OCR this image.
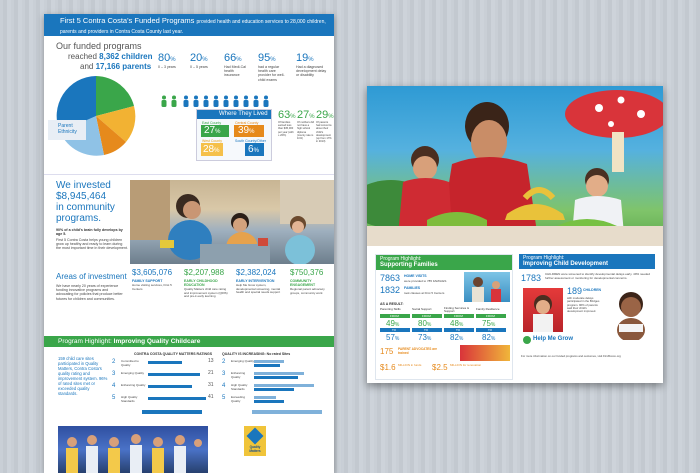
First 5 Contra Costa's Funded Programs provided health and education services to 28,000 children, parents and providers in Contra Costa County last year.
Our funded programs
reached 8,362 children
and 17,166 parents
Parent Ethnicity
80%
0 – 3 years
20%
0 – 5 years
66%
Had Medi-Cal health insurance
95%
had a regular health care provider for well-child exams
19%
Had a diagnosed development delay or disability
Where They Lived
East County
27%
Central County
39%
West County
28%
South County/Other
6%
63%
Of families earned less than $35,000 per year (with ≥ 20%)
27%
Of mothers did not have a high school diploma (county rate is 11%)
29%
Of parents had concerns about their child's development (up from 17% in 2013)
We invested
$8,945,464
in community programs.
90% of a child's brain fully develops by age 5.
First 5 Contra Costa helps young children grow up healthy and ready to learn during the most important time in their development.
Areas of investment
We have nearly 20 years of experience funding innovative programs and advocating for policies that produce better futures for children and communities.
$3,605,076
FAMILY SUPPORT
Home visiting services, First 5 Centers
$2,207,988
EARLY CHILDHOOD EDUCATION
Quality Matters child care rating and improvement system (QRIS) and pre-k early learning
$2,382,024
EARLY INTERVENTION
Help Me Grow system, developmental screening, mental health and special needs support
$750,376
COMMUNITY ENGAGEMENT
Regional parent advocacy groups, community work
Program Highlight: Improving Quality Childcare
159 child care sites participated in Quality Matters, Contra Costa's quality rating and improvement system. 96% of rated sites met or exceeded quality standards.
CONTRA COSTA QUALITY MATTERS RATINGS
2 Committed to Quality
3 Emerging Quality
4 Enhancing Quality
5 High Quality Standards
13
21
31
41
QUALITY IS INCREASING: No rated Sites
2 Emerging Quality
3 Enhancing Quality
4 High Quality Standards
5 Exceeding Quality
Quality Matters
Program Highlight:
Supporting Families
7863 HOME VISITS
were provided to 785 FAMILIES
1832 FAMILIES
took classes at First 5 Centers
AS A RESULT:
Parenting Skills	Social Support	Finding Services & Support
Family Resilience
FROM	FROM	FROM	FROM
49% 80% 48% 75%
TO	TO	TO	TO
57% 73% 82% 82%
175 PARENT ADVOCATES are trained
$1.6 MILLION in funds	$2.5 MILLION for renovation
Program Highlight:
Improving Child Development
1783 CHILDREN were screened to identify developmental delays early. 49% needed further assessment or monitoring for developmental concerns.
189 CHILDREN
with moderate delays participated in the Bridges program. 96% of parents said their child's development improved.
Help Me Grow
For more information on our funded programs and outcomes, visit First5coco.org
